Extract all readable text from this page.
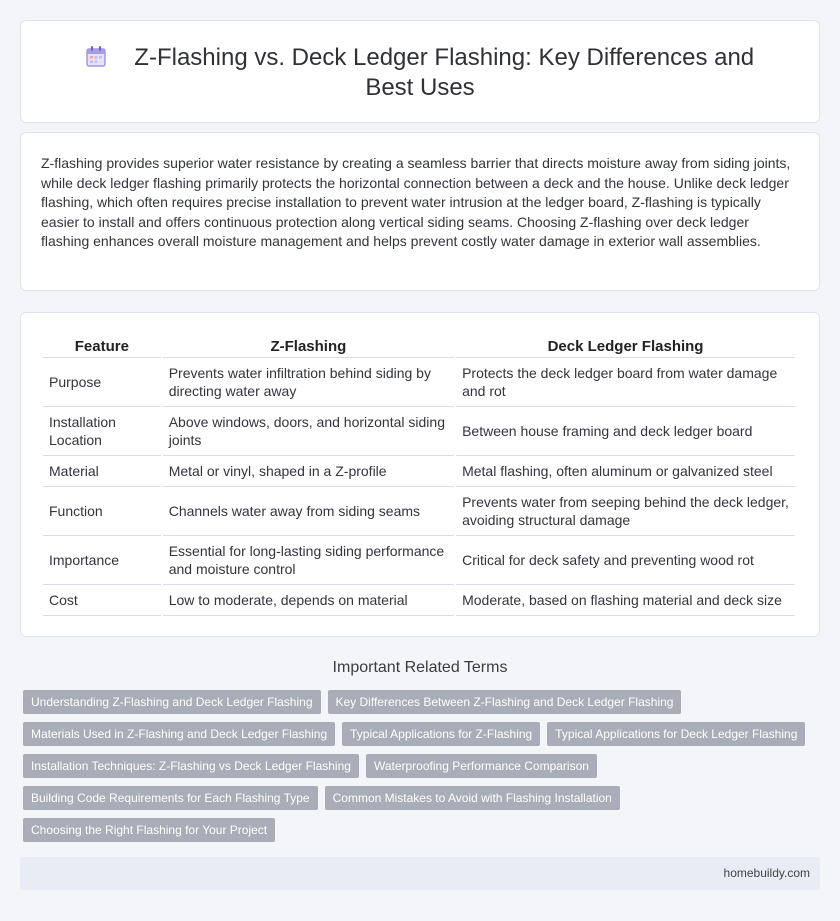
Z-Flashing vs. Deck Ledger Flashing: Key Differences and Best Uses

Z-flashing provides superior water resistance by creating a seamless barrier that directs moisture away from siding joints, while deck ledger flashing primarily protects the horizontal connection between a deck and the house. Unlike deck ledger flashing, which often requires precise installation to prevent water intrusion at the ledger board, Z-flashing is typically easier to install and offers continuous protection along vertical siding seams. Choosing Z-flashing over deck ledger flashing enhances overall moisture management and helps prevent costly water damage in exterior wall assemblies.

Feature	Z-Flashing	Deck Ledger Flashing
Purpose	Prevents water infiltration behind siding by directing water away	Protects the deck ledger board from water damage and rot
Installation Location	Above windows, doors, and horizontal siding joints	Between house framing and deck ledger board
Material	Metal or vinyl, shaped in a Z-profile	Metal flashing, often aluminum or galvanized steel
Function	Channels water away from siding seams	Prevents water from seeping behind the deck ledger, avoiding structural damage
Importance	Essential for long-lasting siding performance and moisture control	Critical for deck safety and preventing wood rot
Cost	Low to moderate, depends on material	Moderate, based on flashing material and deck size
Important Related Terms
Understanding Z-Flashing and Deck Ledger Flashing	Key Differences Between Z-Flashing and Deck Ledger Flashing
Materials Used in Z-Flashing and Deck Ledger Flashing	Typical Applications for Z-Flashing	Typical Applications for Deck Ledger Flashing
Installation Techniques: Z-Flashing vs Deck Ledger Flashing	Waterproofing Performance Comparison
Building Code Requirements for Each Flashing Type	Common Mistakes to Avoid with Flashing Installation
Choosing the Right Flashing for Your Project
homebuildy.com
